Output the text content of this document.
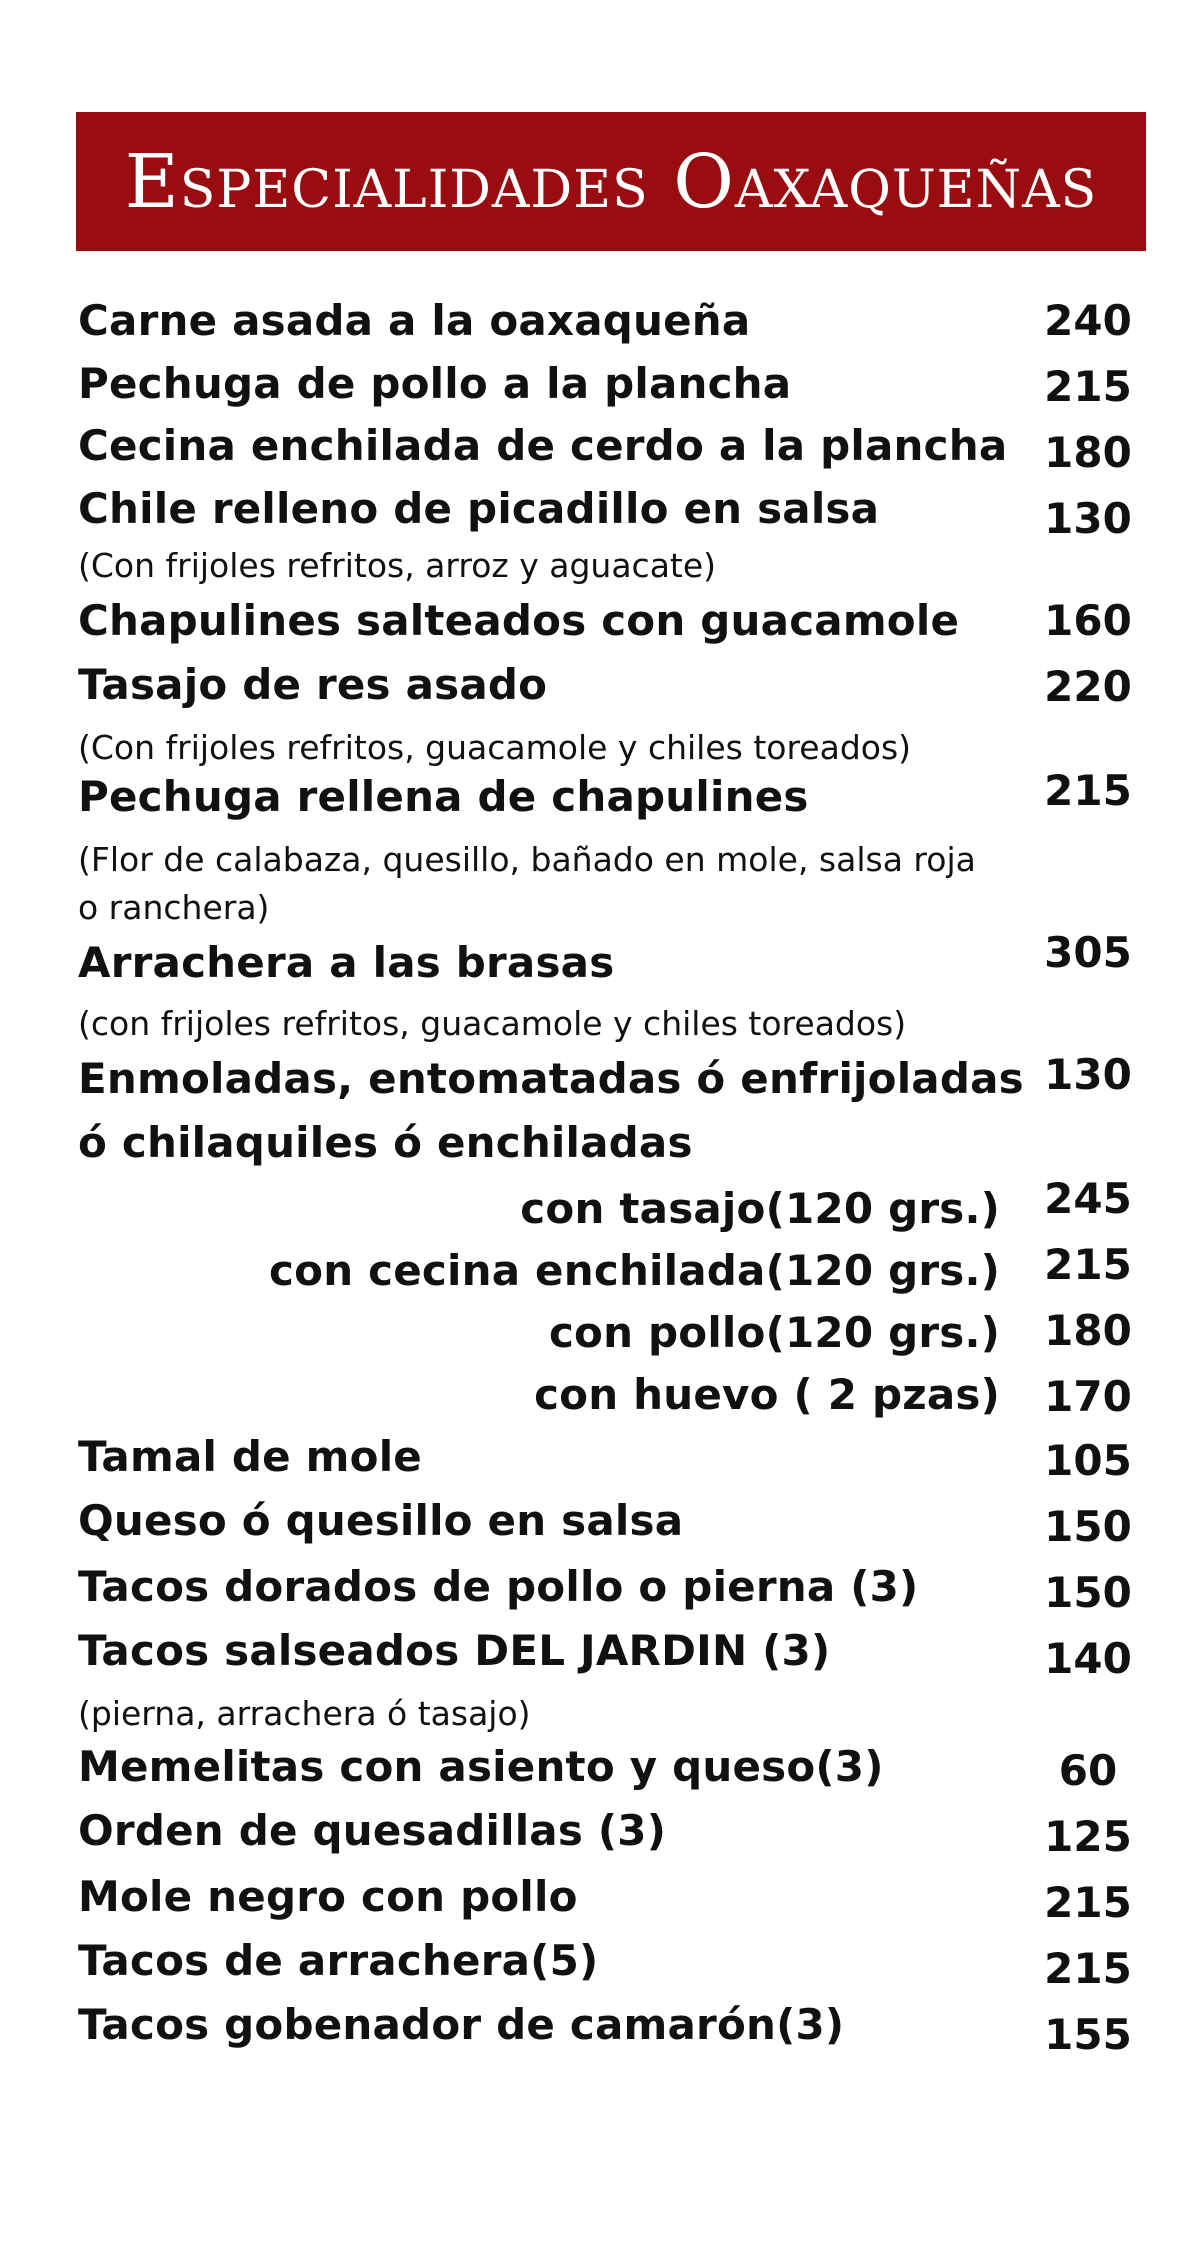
Especialidades Oaxaqueñas
Carne asada a la oaxaqueña	240
Pechuga de pollo a la plancha	215
Cecina enchilada de cerdo a la plancha 180
Chile relleno de picadillo en salsa	130
(Con frijoles refritos, arroz y aguacate)
Chapulines salteados con guacamole	160
Tasajo de res asado	220
(Con frijoles refritos, guacamole y chiles toreados)
Pechuga rellena de chapulines	215
(Flor de calabaza, quesillo, bañado en mole, salsa roja
o ranchera)
Arrachera a las brasas	305
(con frijoles refritos, guacamole y chiles toreados)
Enmoladas, entomatadas ó enfrijoladas
ó chilaquiles ó enchiladas
130
con tasajo(120 grs.)	245
con cecina enchilada(120 grs.)	215
con pollo(120 grs.)	180
con huevo ( 2 pzas)	170
Tamal de mole	105
Queso ó quesillo en salsa	150
Tacos dorados de pollo o pierna (3)	150
Tacos salseados DEL JARDIN (3)	140
(pierna, arrachera ó tasajo)
Memelitas con asiento y queso(3)	60
Orden de quesadillas (3)	125
Mole negro con pollo	215
Tacos de arrachera(5)	215
Tacos gobenador de camarón(3)	155
